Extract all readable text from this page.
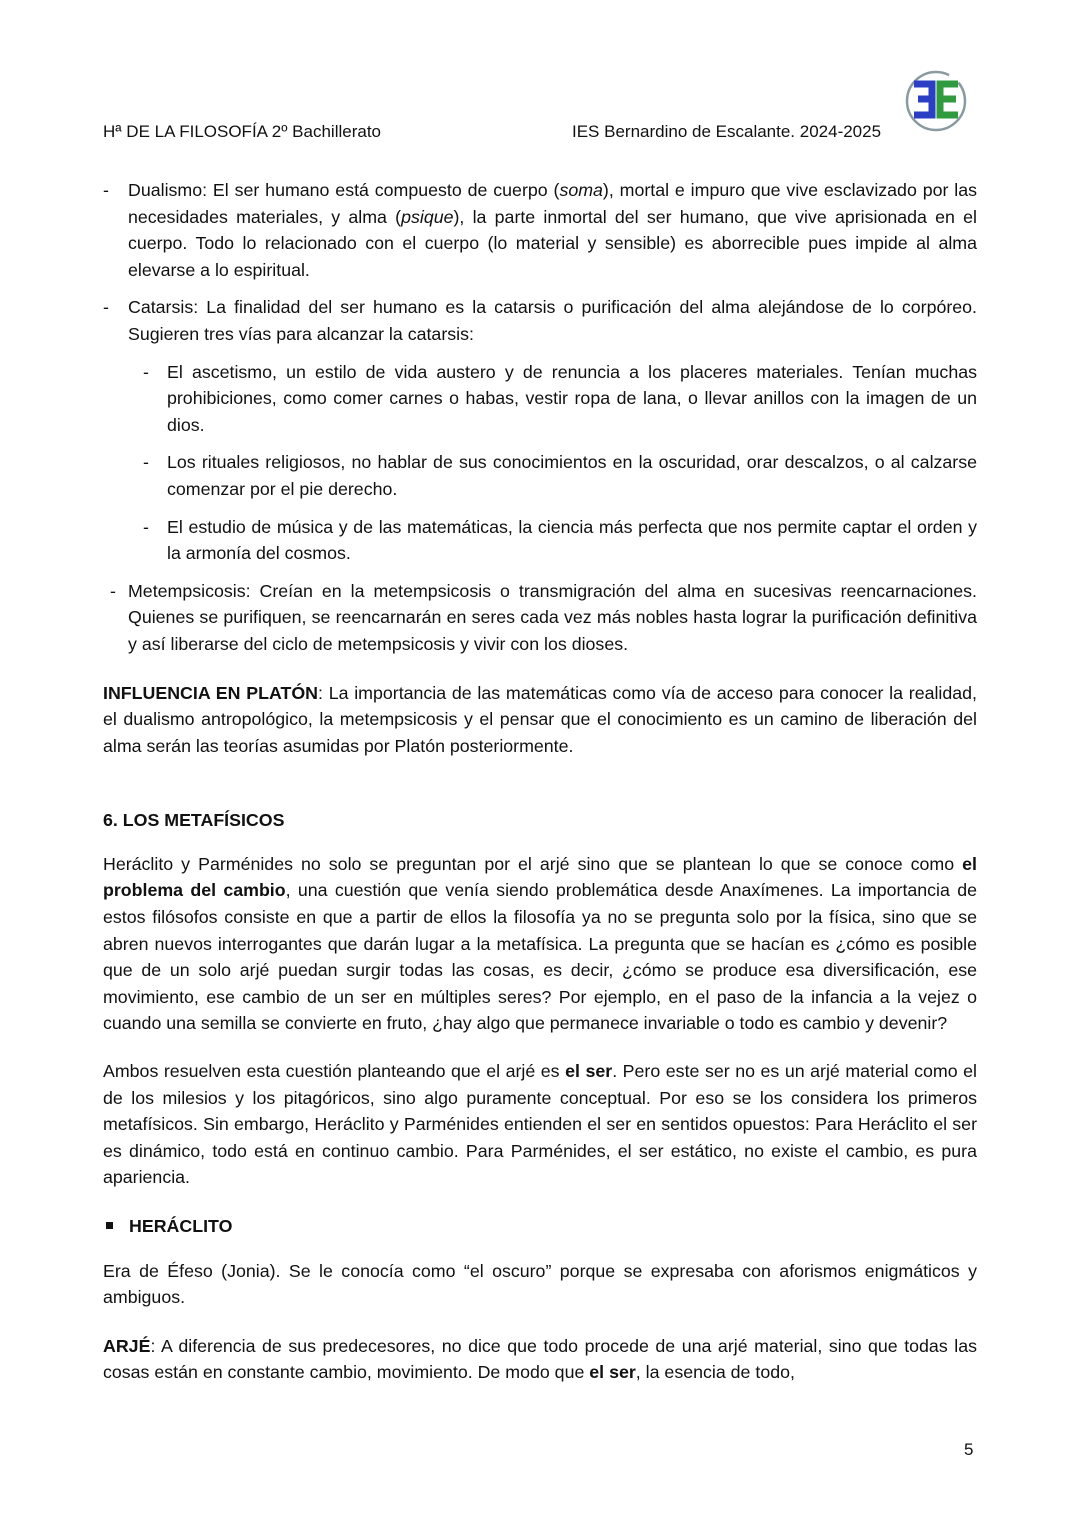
Hª DE LA FILOSOFÍA 2º Bachillerato	IES Bernardino de Escalante. 2024-2025

- Dualismo: El ser humano está compuesto de cuerpo (soma), mortal e impuro que vive esclavizado por las necesidades materiales, y alma (psique), la parte inmortal del ser humano, que vive aprisionada en el cuerpo. Todo lo relacionado con el cuerpo (lo material y sensible) es aborrecible pues impide al alma elevarse a lo espiritual.

- Catarsis: La finalidad del ser humano es la catarsis o purificación del alma alejándose de lo corpóreo. Sugieren tres vías para alcanzar la catarsis:

- El ascetismo, un estilo de vida austero y de renuncia a los placeres materiales. Tenían muchas prohibiciones, como comer carnes o habas, vestir ropa de lana, o llevar anillos con la imagen de un dios.

- Los rituales religiosos, no hablar de sus conocimientos en la oscuridad, orar descalzos, o al calzarse comenzar por el pie derecho.

- El estudio de música y de las matemáticas, la ciencia más perfecta que nos permite captar el orden y la armonía del cosmos.

- Metempsicosis: Creían en la metempsicosis o transmigración del alma en sucesivas reencarnaciones. Quienes se purifiquen, se reencarnarán en seres cada vez más nobles hasta lograr la purificación definitiva y así liberarse del ciclo de metempsicosis y vivir con los dioses.

INFLUENCIA EN PLATÓN: La importancia de las matemáticas como vía de acceso para conocer la realidad, el dualismo antropológico, la metempsicosis y el pensar que el conocimiento es un camino de liberación del alma serán las teorías asumidas por Platón posteriormente.

6. LOS METAFÍSICOS

Heráclito y Parménides no solo se preguntan por el arjé sino que se plantean lo que se conoce como el problema del cambio, una cuestión que venía siendo problemática desde Anaxímenes. La importancia de estos filósofos consiste en que a partir de ellos la filosofía ya no se pregunta solo por la física, sino que se abren nuevos interrogantes que darán lugar a la metafísica. La pregunta que se hacían es ¿cómo es posible que de un solo arjé puedan surgir todas las cosas, es decir, ¿cómo se produce esa diversificación, ese movimiento, ese cambio de un ser en múltiples seres? Por ejemplo, en el paso de la infancia a la vejez o cuando una semilla se convierte en fruto, ¿hay algo que permanece invariable o todo es cambio y devenir?

Ambos resuelven esta cuestión planteando que el arjé es el ser. Pero este ser no es un arjé material como el de los milesios y los pitagóricos, sino algo puramente conceptual. Por eso se los considera los primeros metafísicos. Sin embargo, Heráclito y Parménides entienden el ser en sentidos opuestos: Para Heráclito el ser es dinámico, todo está en continuo cambio. Para Parménides, el ser estático, no existe el cambio, es pura apariencia.

HERÁCLITO

Era de Éfeso (Jonia). Se le conocía como “el oscuro” porque se expresaba con aforismos enigmáticos y ambiguos.

ARJÉ: A diferencia de sus predecesores, no dice que todo procede de una arjé material, sino que todas las cosas están en constante cambio, movimiento. De modo que el ser, la esencia de todo,

5
